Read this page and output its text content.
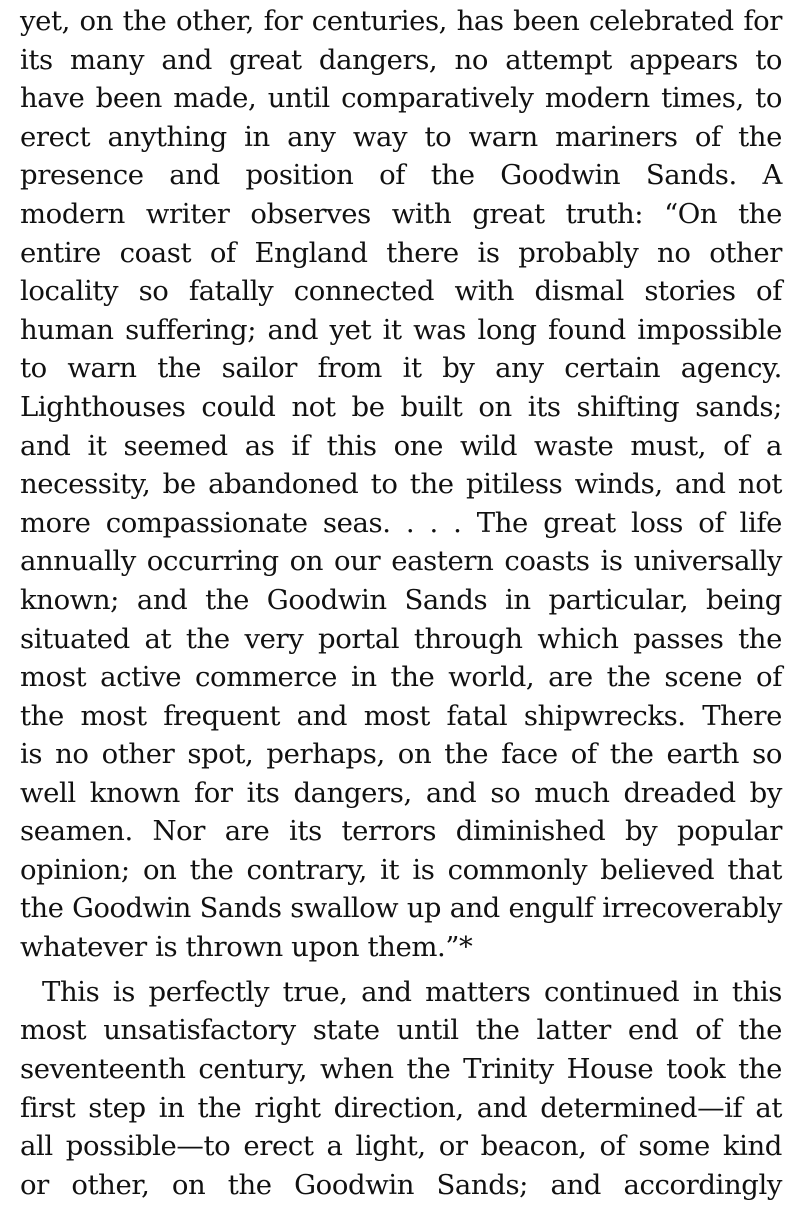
yet, on the other, for centuries, has been celebrated for
its many and great dangers, no attempt appears to
have been made, until comparatively modern times, to
erect anything in any way to warn mariners of the
presence and position of the Goodwin Sands. A
modern writer observes with great truth: “On the
entire coast of England there is probably no other
locality so fatally connected with dismal stories of
human suffering; and yet it was long found impossible
to warn the sailor from it by any certain agency.
Lighthouses could not be built on its shifting sands;
and it seemed as if this one wild waste must, of a
necessity, be abandoned to the pitiless winds, and not
more compassionate seas. . . . The great loss of life
annually occurring on our eastern coasts is universally
known; and the Goodwin Sands in particular, being
situated at the very portal through which passes the
most active commerce in the world, are the scene of
the most frequent and most fatal shipwrecks. There
is no other spot, perhaps, on the face of the earth so
well known for its dangers, and so much dreaded by
seamen. Nor are its terrors diminished by popular
opinion; on the contrary, it is commonly believed that
the Goodwin Sands swallow up and engulf irrecoverably
whatever is thrown upon them.”*
This is perfectly true, and matters continued in this
most unsatisfactory state until the latter end of the
seventeenth century, when the Trinity House took the
first step in the right direction, and determined—if at
all possible—to erect a light, or beacon, of some kind
or other, on the Goodwin Sands; and accordingly
